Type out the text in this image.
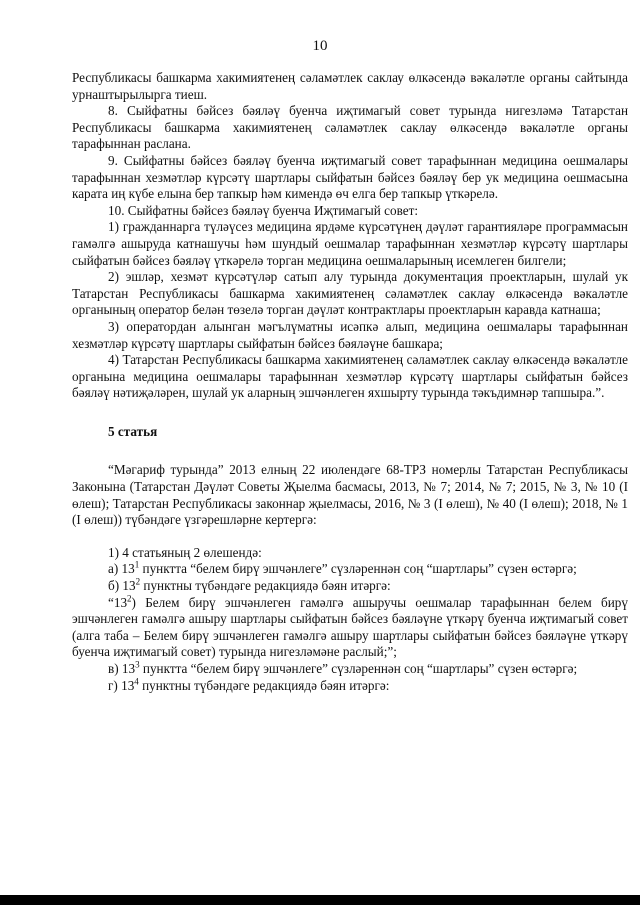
10

Республикасы башкарма хакимиятенең сәламәтлек саклау өлкәсендә вәкаләтле органы сайтында урнаштырылырга тиеш.

8. Сыйфатны бәйсез бәяләү буенча иҗтимагый совет турында нигезләмә Татарстан Республикасы башкарма хакимиятенең сәламәтлек саклау өлкәсендә вәкаләтле органы тарафыннан раслана.

9. Сыйфатны бәйсез бәяләү буенча иҗтимагый совет тарафыннан медицина оешмалары тарафыннан хезмәтләр күрсәтү шартлары сыйфатын бәйсез бәяләү бер ук медицина оешмасына карата иң күбе елына бер тапкыр һәм кимендә өч елга бер тапкыр үткәрелә.

10. Сыйфатны бәйсез бәяләү буенча Иҗтимагый совет:

1) гражданнарга түләүсез медицина ярдәме күрсәтүнең дәүләт гарантияләре программасын гамәлгә ашыруда катнашучы һәм шундый оешмалар тарафыннан хезмәтләр күрсәтү шартлары сыйфатын бәйсез бәяләү үткәрелә торган медицина оешмаларының исемлеген билгели;

2) эшләр, хезмәт күрсәтүләр сатып алу турында документация проектларын, шулай ук Татарстан Республикасы башкарма хакимиятенең сәламәтлек саклау өлкәсендә вәкаләтле органының оператор белән төзелә торган дәүләт контрактлары проектларын каравда катнаша;

3) оператордан алынган мәгълүматны исәпкә алып, медицина оешмалары тарафыннан хезмәтләр күрсәтү шартлары сыйфатын бәйсез бәяләүне башкара;

4) Татарстан Республикасы башкарма хакимиятенең сәламәтлек саклау өлкәсендә вәкаләтле органына медицина оешмалары тарафыннан хезмәтләр күрсәтү шартлары сыйфатын бәйсез бәяләү нәтиҗәләрен, шулай ук аларның эшчәнлеген яхшырту турында тәкъдимнәр тапшыра.”.

5 статья

“Мәгариф турында” 2013 елның 22 июлендәге 68-ТРЗ номерлы Татарстан Республикасы Законына (Татарстан Дәүләт Советы Җыелма басмасы, 2013, № 7; 2014, № 7; 2015, № 3, № 10 (I өлеш); Татарстан Республикасы законнар җыелмасы, 2016, № 3 (I өлеш), № 40 (I өлеш); 2018, № 1 (I өлеш)) түбәндәге үзгәрешләрне кертергә:

1) 4 статьяның 2 өлешендә:

а) $13^1$ пунктта “белем бирү эшчәнлеге” сүзләреннән соң “шартлары” сүзен өстәргә;

б) $13^2$ пунктны түбәндәге редакциядә бәян итәргә:

“$13^2$) Белем бирү эшчәнлеген гамәлгә ашыручы оешмалар тарафыннан белем бирү эшчәнлеген гамәлгә ашыру шартлары сыйфатын бәйсез бәяләүне үткәрү буенча иҗтимагый совет (алга таба – Белем бирү эшчәнлеген гамәлгә ашыру шартлары сыйфатын бәйсез бәяләүне үткәрү буенча иҗтимагый совет) турында нигезләмәне раслый;”;

в) $13^3$ пунктта “белем бирү эшчәнлеге” сүзләреннән соң “шартлары” сүзен өстәргә;

г) $13^4$ пунктны түбәндәге редакциядә бәян итәргә:
